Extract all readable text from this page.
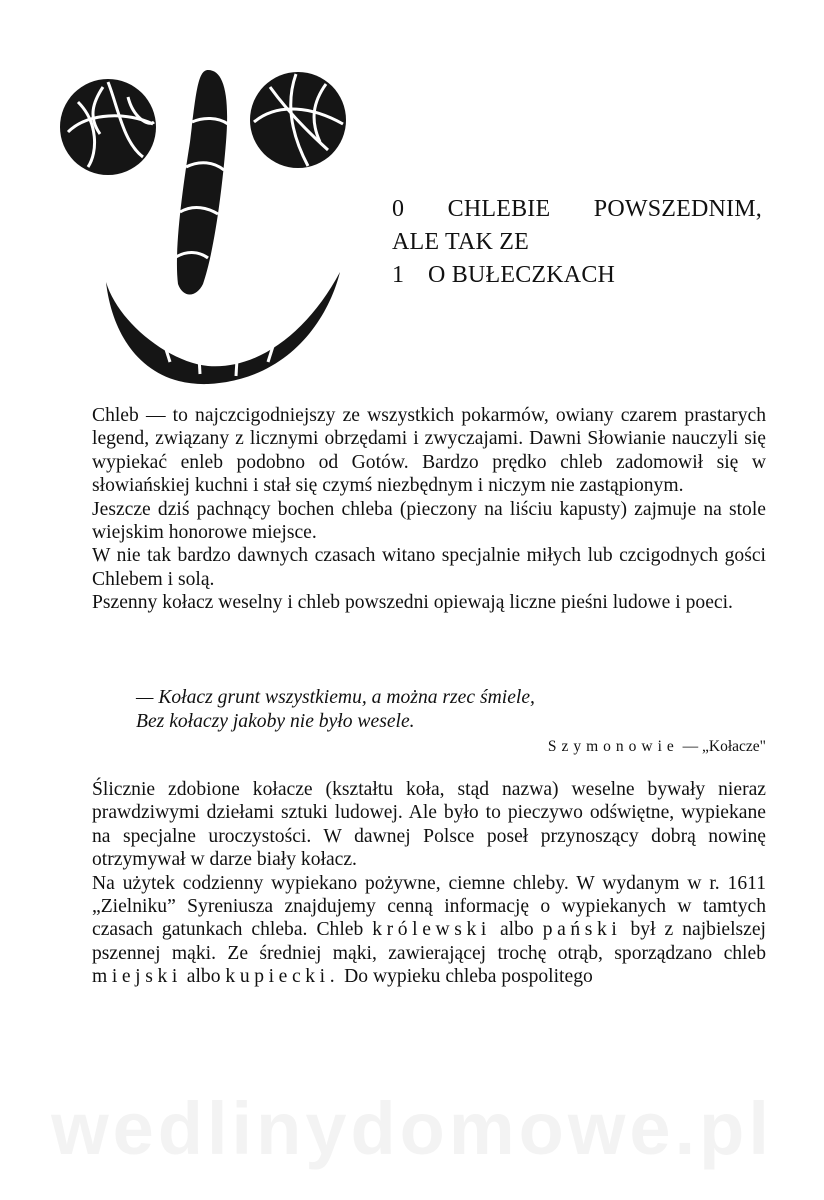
0 CHLEBIE POWSZEDNIM,
ALE TAK ZE
1 O BUŁECZKACH

Chleb — to najczcigodniejszy ze wszystkich pokarmów, owiany czarem prastarych legend, związany z licznymi obrzędami i zwyczajami. Dawni Słowianie nauczyli się wypiekać enleb podobno od Gotów. Bardzo prędko chleb zadomowił się w słowiańskiej kuchni i stał się czymś niezbędnym i niczym nie zastąpionym.

Jeszcze dziś pachnący bochen chleba (pieczony na liściu kapusty) zajmuje na stole wiejskim honorowe miejsce.

W nie tak bardzo dawnych czasach witano specjalnie miłych lub czcigodnych gości Chlebem i solą.

Pszenny kołacz weselny i chleb powszedni opiewają liczne pieśni ludowe i poeci.

— Kołacz grunt wszystkiemu, a można rzec śmiele,
Bez kołaczy jakoby nie było wesele.
Szymonowie — „Kołacze"

Ślicznie zdobione kołacze (kształtu koła, stąd nazwa) weselne bywały nieraz prawdziwymi dziełami sztuki ludowej. Ale było to pieczywo odświętne, wypiekane na specjalne uroczystości. W dawnej Polsce poseł przynoszący dobrą nowinę otrzymywał w darze biały kołacz.

Na użytek codzienny wypiekano pożywne, ciemne chleby. W wydanym w r. 1611 „Zielniku” Syreniusza znajdujemy cenną informację o wypiekanych w tamtych czasach gatunkach chleba. Chleb królewski albo pański był z najbielszej pszennej mąki. Ze średniej mąki, zawierającej trochę otrąb, sporządzano chleb miejski albo kupiecki. Do wypieku chleba pospolitego

wedlinydomowe.pl
